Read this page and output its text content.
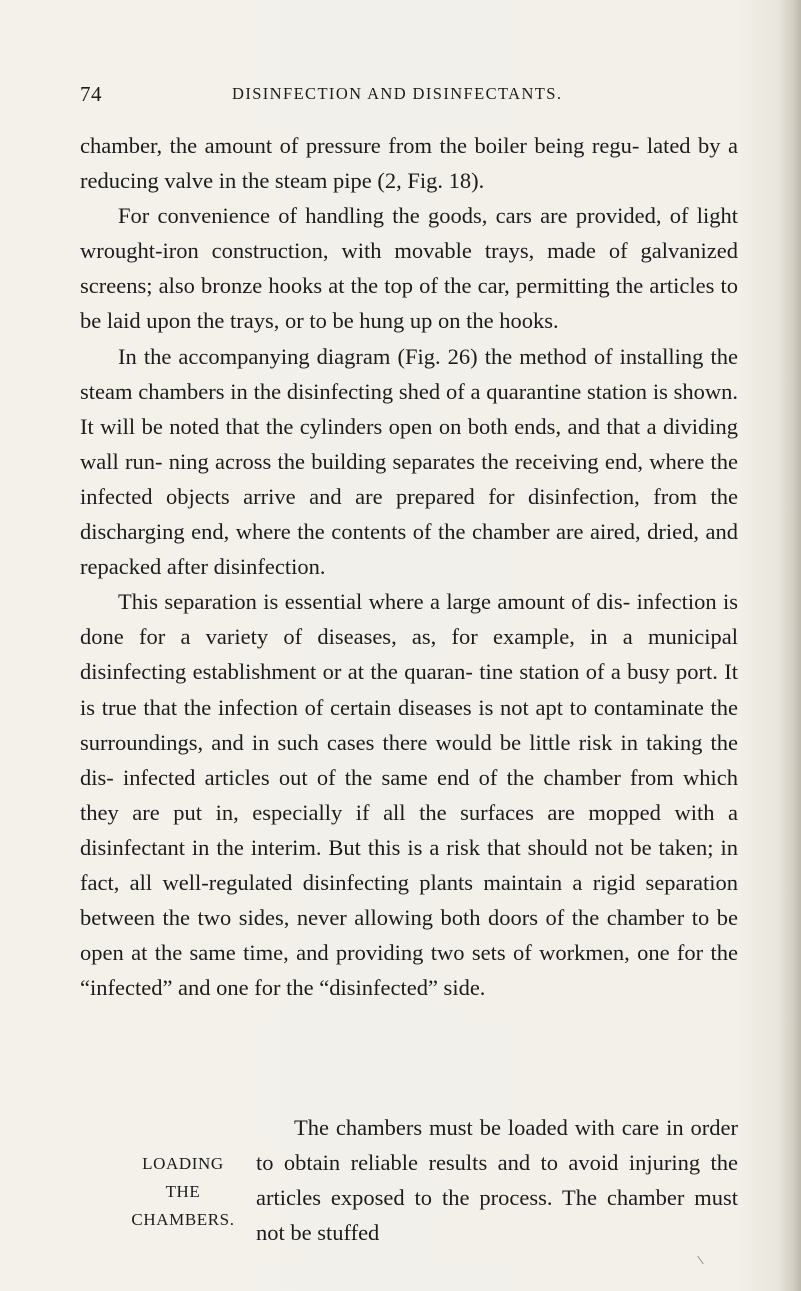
74	DISINFECTION AND DISINFECTANTS.

chamber, the amount of pressure from the boiler being regu- lated by a reducing valve in the steam pipe (2, Fig. 18).

For convenience of handling the goods, cars are provided, of light wrought-iron construction, with movable trays, made of galvanized screens; also bronze hooks at the top of the car, permitting the articles to be laid upon the trays, or to be hung up on the hooks.

In the accompanying diagram (Fig. 26) the method of installing the steam chambers in the disinfecting shed of a quarantine station is shown. It will be noted that the cylinders open on both ends, and that a dividing wall run- ning across the building separates the receiving end, where the infected objects arrive and are prepared for disinfection, from the discharging end, where the contents of the chamber are aired, dried, and repacked after disinfection.

This separation is essential where a large amount of dis- infection is done for a variety of diseases, as, for example, in a municipal disinfecting establishment or at the quaran- tine station of a busy port. It is true that the infection of certain diseases is not apt to contaminate the surroundings, and in such cases there would be little risk in taking the dis- infected articles out of the same end of the chamber from which they are put in, especially if all the surfaces are mopped with a disinfectant in the interim. But this is a risk that should not be taken; in fact, all well-regulated disinfecting plants maintain a rigid separation between the two sides, never allowing both doors of the chamber to be open at the same time, and providing two sets of workmen, one for the “infected” and one for the “disinfected” side.

LOADING
THE
CHAMBERS.

The chambers must be loaded with care in order to obtain reliable results and to avoid injuring the articles exposed to the process. The chamber must not be stuffed
